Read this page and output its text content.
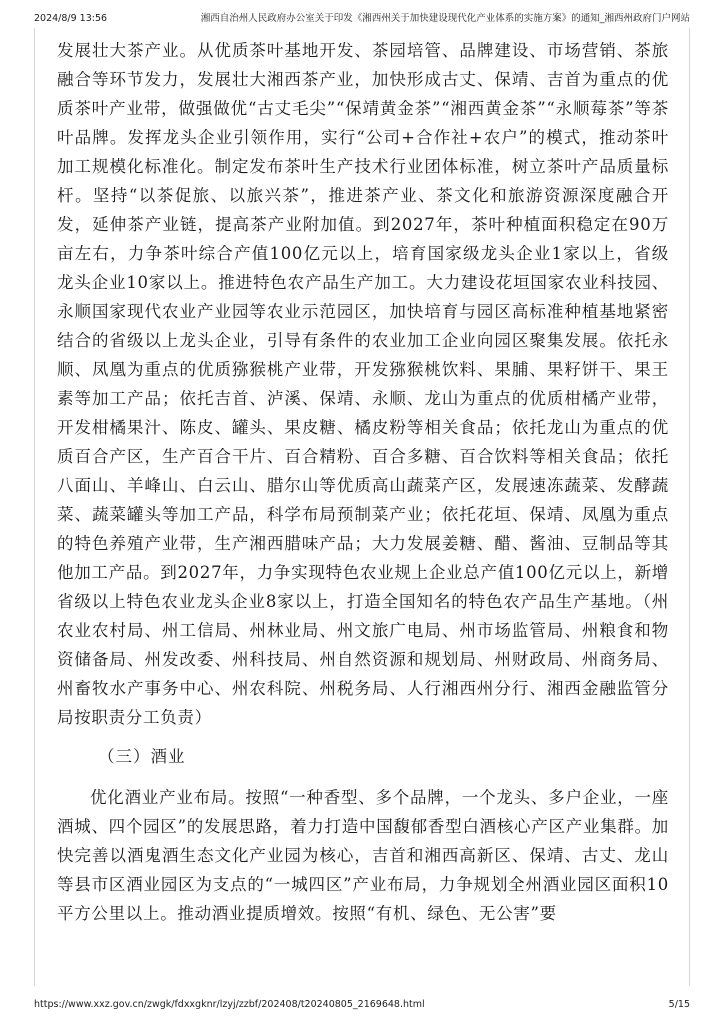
2024/8/9 13:56	湘西自治州人民政府办公室关于印发《湘西州关于加快建设现代化产业体系的实施方案》的通知_湘西州政府门户网站

发展壮大茶产业。从优质茶叶基地开发、茶园培管、品牌建设、市场营销、茶旅融合等环节发力，发展壮大湘西茶产业，加快形成古丈、保靖、吉首为重点的优质茶叶产业带，做强做优“古丈毛尖”“保靖黄金茶”“湘西黄金茶”“永顺莓茶”等茶叶品牌。发挥龙头企业引领作用，实行“公司+合作社+农户”的模式，推动茶叶加工规模化标准化。制定发布茶叶生产技术行业团体标准，树立茶叶产品质量标杆。坚持“以茶促旅、以旅兴茶”，推进茶产业、茶文化和旅游资源深度融合开发，延伸茶产业链，提高茶产业附加值。到2027年，茶叶种植面积稳定在90万亩左右，力争茶叶综合产值100亿元以上，培育国家级龙头企业1家以上，省级龙头企业10家以上。推进特色农产品生产加工。大力建设花垣国家农业科技园、永顺国家现代农业产业园等农业示范园区，加快培育与园区高标准种植基地紧密结合的省级以上龙头企业，引导有条件的农业加工企业向园区聚集发展。依托永顺、凤凰为重点的优质猕猴桃产业带，开发猕猴桃饮料、果脯、果籽饼干、果王素等加工产品；依托吉首、泸溪、保靖、永顺、龙山为重点的优质柑橘产业带，开发柑橘果汁、陈皮、罐头、果皮糖、橘皮粉等相关食品；依托龙山为重点的优质百合产区，生产百合干片、百合精粉、百合多糖、百合饮料等相关食品；依托八面山、羊峰山、白云山、腊尔山等优质高山蔬菜产区，发展速冻蔬菜、发酵蔬菜、蔬菜罐头等加工产品，科学布局预制菜产业；依托花垣、保靖、凤凰为重点的特色养殖产业带，生产湘西腊味产品；大力发展姜糖、醋、酱油、豆制品等其他加工产品。到2027年，力争实现特色农业规上企业总产值100亿元以上，新增省级以上特色农业龙头企业8家以上，打造全国知名的特色农产品生产基地。（州农业农村局、州工信局、州林业局、州文旅广电局、州市场监管局、州粮食和物资储备局、州发改委、州科技局、州自然资源和规划局、州财政局、州商务局、州畜牧水产事务中心、州农科院、州税务局、人行湘西州分行、湘西金融监管分局按职责分工负责）

（三）酒业

优化酒业产业布局。按照“一种香型、多个品牌，一个龙头、多户企业，一座酒城、四个园区”的发展思路，着力打造中国馥郁香型白酒核心产区产业集群。加快完善以酒鬼酒生态文化产业园为核心，吉首和湘西高新区、保靖、古丈、龙山等县市区酒业园区为支点的“一城四区”产业布局，力争规划全州酒业园区面积10平方公里以上。推动酒业提质增效。按照“有机、绿色、无公害”要

https://www.xxz.gov.cn/zwgk/fdxxgknr/lzyj/zzbf/202408/t20240805_2169648.html	5/15
